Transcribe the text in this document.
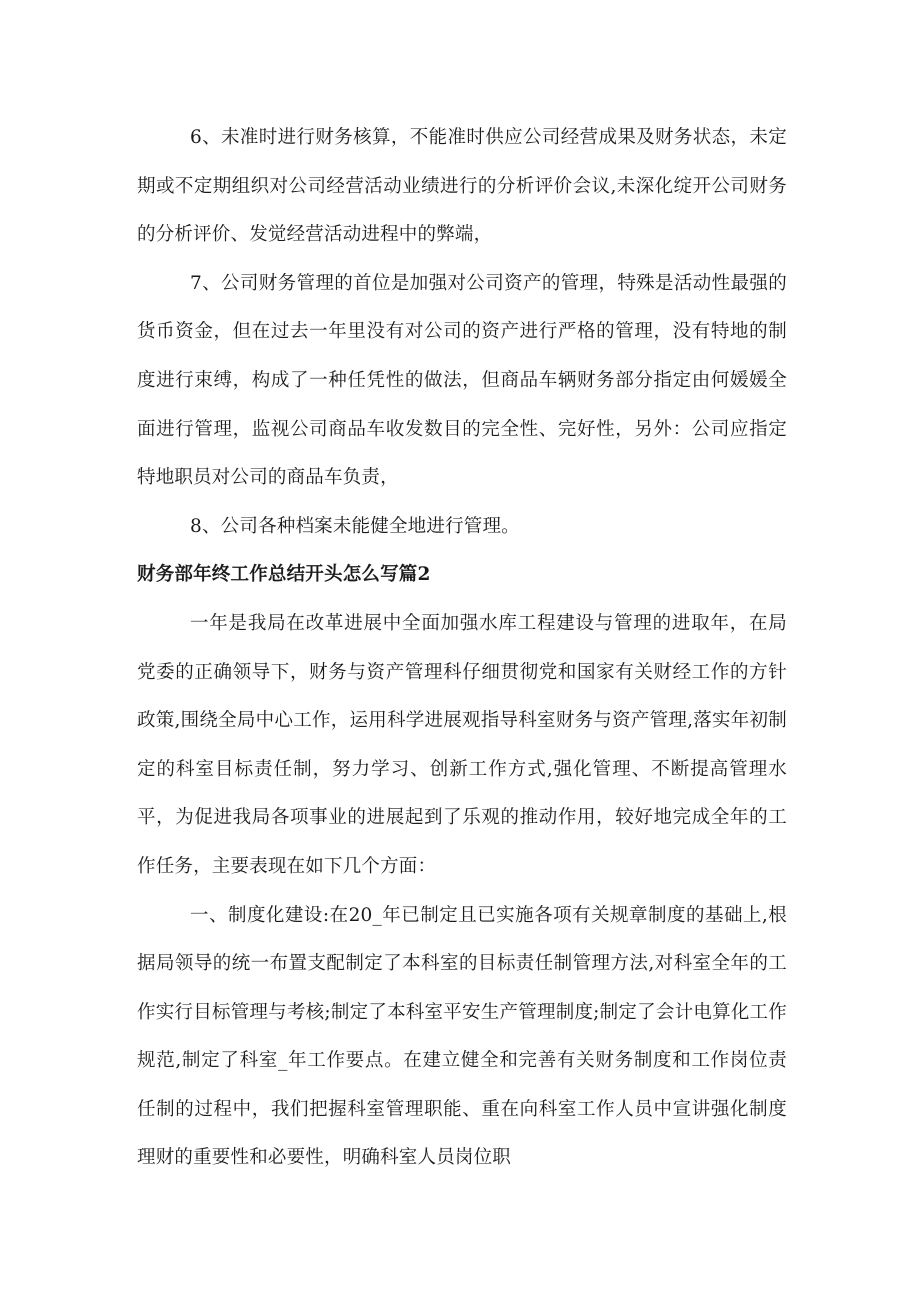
6、未准时进行财务核算，不能准时供应公司经营成果及财务状态，未定期或不定期组织对公司经营活动业绩进行的分析评价会议,未深化绽开公司财务的分析评价、发觉经营活动进程中的弊端，

7、公司财务管理的首位是加强对公司资产的管理，特殊是活动性最强的货币资金，但在过去一年里没有对公司的资产进行严格的管理，没有特地的制度进行束缚，构成了一种任凭性的做法，但商品车辆财务部分指定由何媛媛全面进行管理，监视公司商品车收发数目的完全性、完好性，另外：公司应指定特地职员对公司的商品车负责，

8、公司各种档案未能健全地进行管理。

财务部年终工作总结开头怎么写篇2

一年是我局在改革进展中全面加强水库工程建设与管理的进取年，在局党委的正确领导下，财务与资产管理科仔细贯彻党和国家有关财经工作的方针政策,围绕全局中心工作，运用科学进展观指导科室财务与资产管理,落实年初制定的科室目标责任制，努力学习、创新工作方式,强化管理、不断提高管理水平，为促进我局各项事业的进展起到了乐观的推动作用，较好地完成全年的工作任务，主要表现在如下几个方面：

一、制度化建设:在20_年已制定且已实施各项有关规章制度的基础上,根据局领导的统一布置支配制定了本科室的目标责任制管理方法,对科室全年的工作实行目标管理与考核;制定了本科室平安生产管理制度;制定了会计电算化工作规范,制定了科室_年工作要点。在建立健全和完善有关财务制度和工作岗位责任制的过程中，我们把握科室管理职能、重在向科室工作人员中宣讲强化制度理财的重要性和必要性，明确科室人员岗位职
